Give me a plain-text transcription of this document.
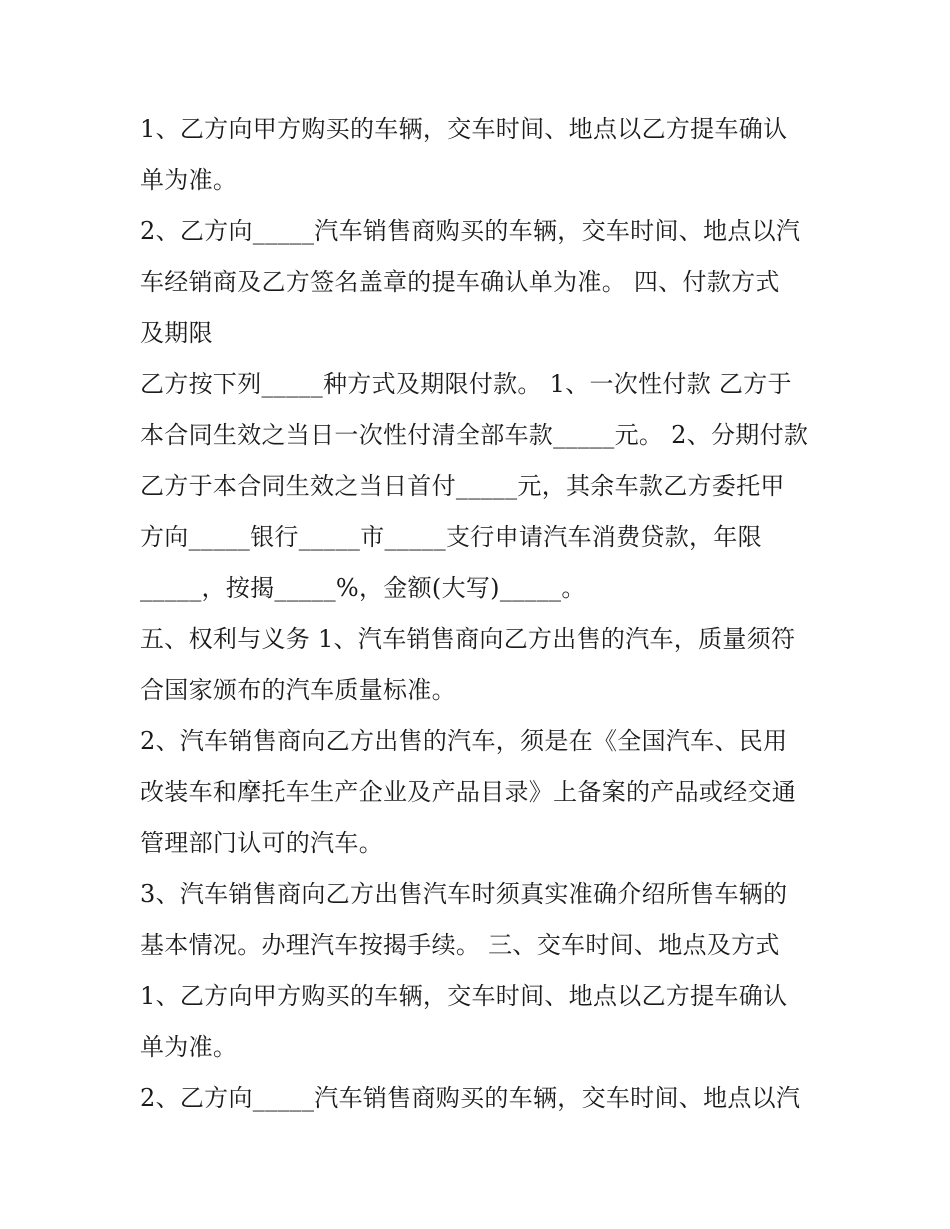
1、乙方向甲方购买的车辆，交车时间、地点以乙方提车确认
单为准。

2、乙方向_____汽车销售商购买的车辆，交车时间、地点以汽
车经销商及乙方签名盖章的提车确认单为准。 四、付款方式
及期限

乙方按下列_____种方式及期限付款。 1、一次性付款 乙方于
本合同生效之当日一次性付清全部车款_____元。 2、分期付款
乙方于本合同生效之当日首付_____元，其余车款乙方委托甲
方向_____银行_____市_____支行申请汽车消费贷款，年限
_____，按揭_____%，金额(大写)_____。

五、权利与义务 1、汽车销售商向乙方出售的汽车，质量须符
合国家颁布的汽车质量标准。

2、汽车销售商向乙方出售的汽车，须是在《全国汽车、民用
改装车和摩托车生产企业及产品目录》上备案的产品或经交通
管理部门认可的汽车。

3、汽车销售商向乙方出售汽车时须真实准确介绍所售车辆的
基本情况。办理汽车按揭手续。 三、交车时间、地点及方式

1、乙方向甲方购买的车辆，交车时间、地点以乙方提车确认
单为准。

2、乙方向_____汽车销售商购买的车辆，交车时间、地点以汽
